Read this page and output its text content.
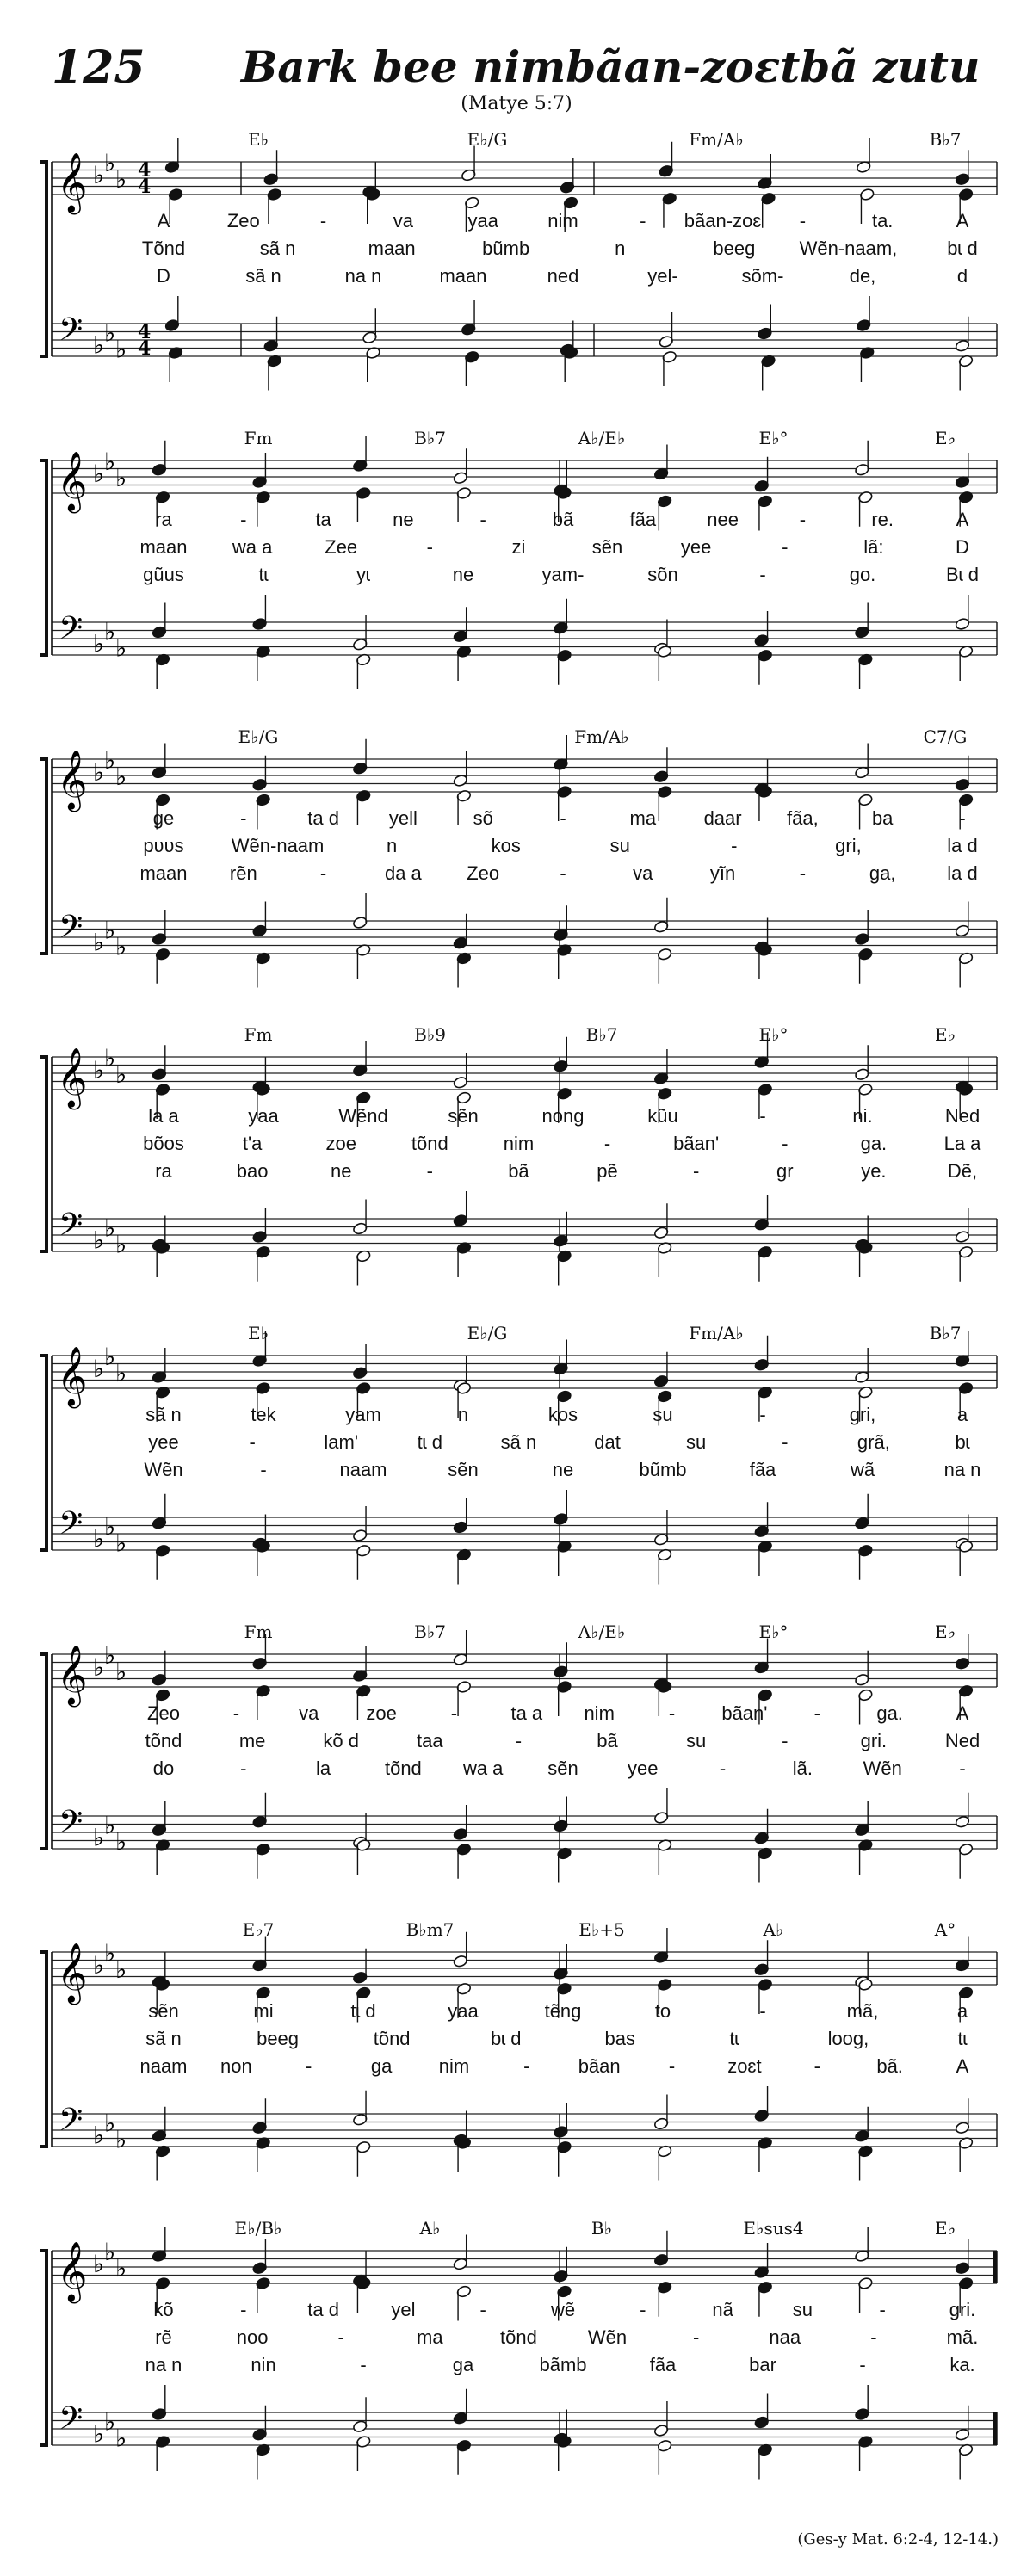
125 Bark bee nimbãan-zoɛtbã zutu
(Matye 5:7)
𝄞
𝄢
♭ ♭
♭
♭ ♭
♭
4
4
4
4
E♭	E♭/G	Fm/A♭	B♭7
A	Zeo	-	va	yaa	nim	- bãan-zoɛ -	ta.	A
Tõnd	sã n	maan	bũmb	n	beeg Wẽn-naam,	bɩ d
D	sã n	na n	maan	ned	yel-	sõm-	de,	d
𝄞
𝄢
♭ ♭
♭
♭ ♭
♭
Fm	B♭7	A♭/E♭	E♭°	E♭
ra	-	ta	ne	-	bã	fãa	nee	-	re.	A
maan wa a	Zee	-	zi	sẽn	yee	-	lã:	D
gũus	tɩ	yɩ	ne	yam-	sõn	-	go.	Bɩ d
𝄞
𝄢
♭ ♭
♭
♭ ♭
♭
E♭/G	Fm/A♭	C7/G
ge	-	ta d	yell	sõ	-	ma	daar fãa,	ba	-
pʋʋs	Wẽn-naam	n	kos	su	-	gri,	la d
maan rẽn	-	da a Zeo	-	va	yĩn	-	ga,	la d
𝄞
𝄢
♭ ♭
♭
♭ ♭
♭
Fm	B♭9	B♭7	E♭°	E♭
la a	yaa	Wẽnd	sẽn	nong	kũu	-	ni.	Ned
bõos	t'a	zoe	tõnd	nim	-	bãan'	-	ga.	La a
ra	bao	ne	-	bã	pẽ	-	gr	ye.	Dẽ,
𝄞
𝄢
♭ ♭
♭
♭ ♭
♭
E♭	E♭/G	Fm/A♭	B♭7
sã n	tek	yam	n	kos	su	-	gri,	a
yee	-	lam'	tɩ d	sã n	dat	su	-	grã,	bɩ
Wẽn	-	naam	sẽn	ne	bũmb	fãa	wã	na n
𝄞
𝄢
♭ ♭
♭
♭ ♭
♭
Fm	B♭7	A♭/E♭	E♭°	E♭
Zeo	-	va zoe	-	ta a nim	- bãan' -	ga.	A
tõnd	me	kõ d	taa	-	bã	su	-	gri.	Ned
do	-	la	tõnd wa a sẽn	yee	-	lã.	Wẽn	-
𝄞
𝄢
♭ ♭
♭
♭ ♭
♭
E♭7	B♭m7	E♭+5	A♭	A°
sẽn	mi	tɩ d	yaa	tẽng	to	-	mã,	a
sã n	beeg	tõnd	bɩ d	bas	tɩ	loog,	tɩ
naam non	-	ga nim	-	bãan	-	zoɛt	-	bã.	A
𝄞
𝄢
♭ ♭
♭
♭ ♭
♭
E♭/B♭	A♭	B♭	E♭sus4	E♭
kõ	-	ta d	yel	-	wẽ	-	nã	su	-	gri.
rẽ	noo	-	ma	tõnd	Wẽn	-	naa	-	mã.
na n	nin	-	ga	bãmb	fãa	bar	-	ka.
(Ges-y Mat. 6:2-4, 12-14.)
